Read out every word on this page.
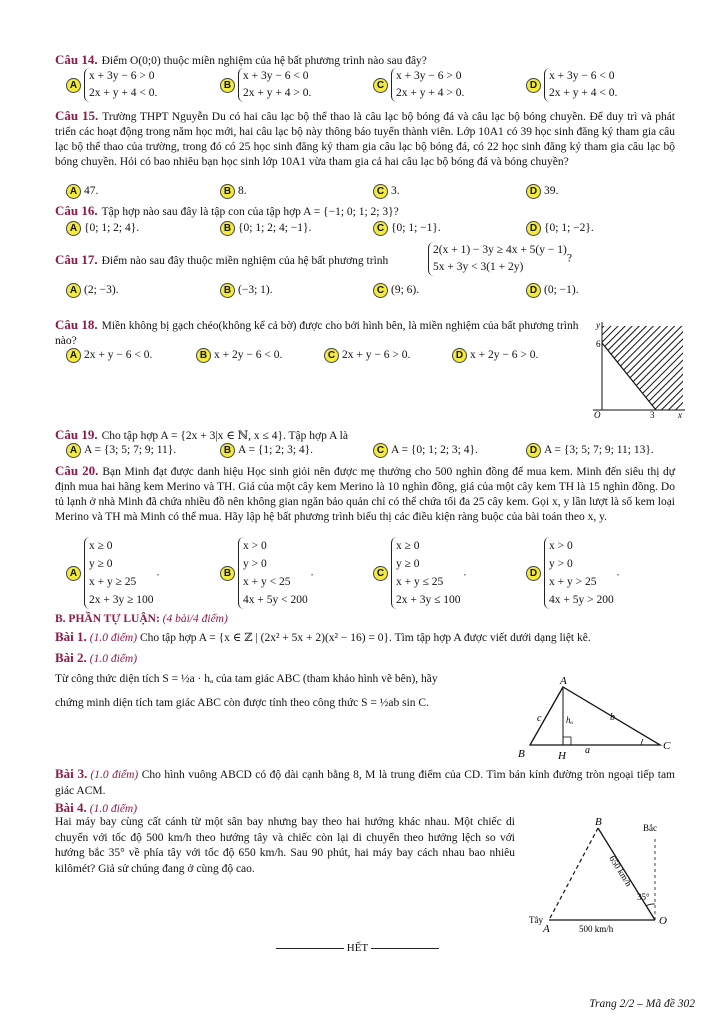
Câu 14. Điểm O(0;0) thuộc miền nghiệm của hệ bất phương trình nào sau đây?
Ax + 3y − 6 > 0
2x + y + 4 < 0.
Bx + 3y − 6 < 0
2x + y + 4 > 0.
Cx + 3y − 6 > 0
2x + y + 4 > 0.
Dx + 3y − 6 < 0
2x + y + 4 < 0.
Câu 15. Trường THPT Nguyễn Du có hai câu lạc bộ thể thao là câu lạc bộ bóng đá và câu lạc bộ bóng chuyền. Để duy trì và phát triển các hoạt động trong năm học mới, hai câu lạc bộ này thông báo tuyển thành viên. Lớp 10A1 có 39 học sinh đăng ký tham gia câu lạc bộ thể thao của trường, trong đó có 25 học sinh đăng ký tham gia câu lạc bộ bóng đá, có 22 học sinh đăng ký tham gia câu lạc bộ bóng chuyền. Hỏi có bao nhiêu bạn học sinh lớp 10A1 vừa tham gia cả hai câu lạc bộ bóng đá và bóng chuyền?
A 47.	B 8.	C 3.	D 39.
Câu 16. Tập hợp nào sau đây là tập con của tập hợp A = {−1; 0; 1; 2; 3}?
A {0; 1; 2; 4}.	B {0; 1; 2; 4; −1}.	C {0; 1; −1}.	D {0; 1; −2}.
Câu 17. Điểm nào sau đây thuộc miền nghiệm của hệ bất phương trình
2(x + 1) − 3y ≥ 4x + 5(y − 1)
5x + 3y < 3(1 + 2y)?
A (2; −3).	B (−3; 1).	C (9; 6).	D (0; −1).
Câu 18. Miền không bị gạch chéo(không kể cả bờ) được cho bởi hình bên, là miền nghiệm của bất phương trình nào?
A 2x + y − 6 < 0.	B x + 2y − 6 < 0.	C 2x + y − 6 > 0.	D x + 2y − 6 > 0.
y
x
6
3
O
Câu 19. Cho tập hợp A = {2x + 3|x ∈ ℕ, x ≤ 4}. Tập hợp A là
A A = {3; 5; 7; 9; 11}.	B A = {1; 2; 3; 4}.	C A = {0; 1; 2; 3; 4}.	D A = {3; 5; 7; 9; 11; 13}.
Câu 20. Bạn Minh đạt được danh hiệu Học sinh giỏi nên được mẹ thưởng cho 500 nghìn đồng để mua kem. Minh đến siêu thị dự định mua hai hãng kem Merino và TH. Giá của một cây kem Merino là 10 nghìn đồng, giá của một cây kem TH là 15 nghìn đồng. Do tủ lạnh ở nhà Minh đã chứa nhiều đồ nên không gian ngăn bảo quản chỉ có thể chứa tối đa 25 cây kem. Gọi x, y lần lượt là số kem loại Merino và TH mà Minh có thể mua. Hãy lập hệ bất phương trình biểu thị các điều kiện ràng buộc của bài toán theo x, y.
Ax ≥ 0
y ≥ 0
x + y ≥ 25
2x + 3y ≥ 100 .	Bx > 0
y > 0
x + y < 25
4x + 5y < 200 .	Cx ≥ 0
y ≥ 0
x + y ≤ 25
2x + 3y ≤ 100 .	Dx > 0
y > 0
x + y > 25
4x + 5y > 200 .
B. PHẦN TỰ LUẬN: (4 bài/4 điểm)
Bài 1. (1.0 điểm) Cho tập hợp A = {x ∈ ℤ | (2x² + 5x + 2)(x² − 16) = 0}. Tìm tập hợp A được viết dưới dạng liệt kê.
Bài 2. (1.0 điểm)
Từ công thức diện tích S = ½a · hₐ của tam giác ABC (tham khảo hình vẽ bên), hãy
chứng minh diện tích tam giác ABC còn được tính theo công thức S = ½ab sin C.
A
B
C
H a
b
c	hₐ
Bài 3. (1.0 điểm) Cho hình vuông ABCD có độ dài cạnh bằng 8, M là trung điểm của CD. Tìm bán kính đường tròn ngoại tiếp tam giác ACM.
Bài 4. (1.0 điểm)
Hai máy bay cùng cất cánh từ một sân bay nhưng bay theo hai hướng khác nhau. Một chiếc di chuyển với tốc độ 500 km/h theo hướng tây và chiếc còn lại di chuyển theo hướng lệch so với hướng bắc 35° về phía tây với tốc độ 650 km/h. Sau 90 phút, hai máy bay cách nhau bao nhiêu kilômét? Giả sử chúng đang ở cùng độ cao.
B
O
A
Bắc
Tây
35°
500 km/h
650 km/h
HẾT
Trang 2/2 – Mã đề 302
